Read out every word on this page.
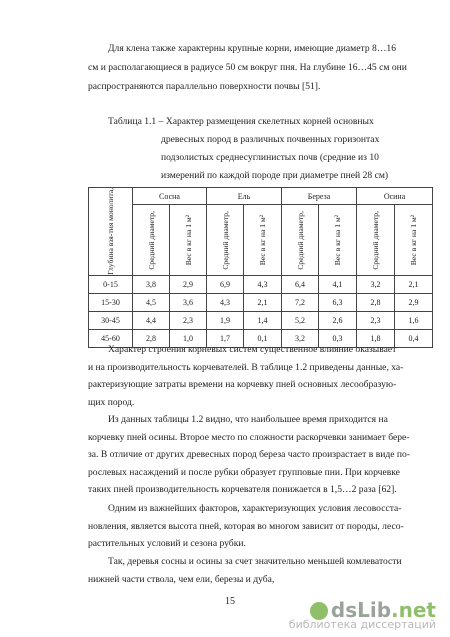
Для клена также характерны крупные корни, имеющие диаметр 8…16
см и располагающиеся в радиусе 50 см вокруг пня. На глубине 16…45 см они
распространяются параллельно поверхности почвы [51].
Таблица 1.1 – Характер размещения скелетных корней основных
древесных пород в различных почвенных горизонтах
подзолистых среднесуглинистых почв (средние из 10
измерений по каждой породе при диаметре пней 28 см)
Глубина взя-тия монолита,	Сосна		Ель		Береза		Осина	

	Средний диаметр,	Вес в кг на 1 м²	Средний диаметр,	Вес в кг на 1 м²	Средний диаметр,	Вес в кг на 1 м²	Средний диаметр,	Вес в кг на 1 м²

0-15	3,8	2,9	6,9	4,3	6,4	4,1	3,2	2,1
15-30	4,5	3,6	4,3	2,1	7,2	6,3	2,8	2,9
30-45	4,4	2,3	1,9	1,4	5,2	2,6	2,3	1,6
45-60	2,8	1,0	1,7	0,1	3,2	0,3	1,8	0,4
Характер строения корневых систем существенное влияние оказывает
и на производительность корчевателей. В таблице 1.2 приведены данные, ха-
рактеризующие затраты времени на корчевку пней основных лесообразую-
щих пород.
Из данных таблицы 1.2 видно, что наибольшее время приходится на
корчевку пней осины. Второе место по сложности раскорчевки занимает бере-
за. В отличие от других древесных пород береза часто произрастает в виде по-
рослевых насаждений и после рубки образует групповые пни. При корчевке
таких пней производительность корчевателя понижается в 1,5…2 раза [62].
Одним из важнейших факторов, характеризующих условия лесовосста-
новления, является высота пней, которая во многом зависит от породы, лесо-
растительных условий и сезона рубки.
Так, деревья сосны и осины за счет значительно меньшей комлеватости
нижней части ствола, чем ели, березы и дуба,
15	dsLib.net
библиотека диссертаций
